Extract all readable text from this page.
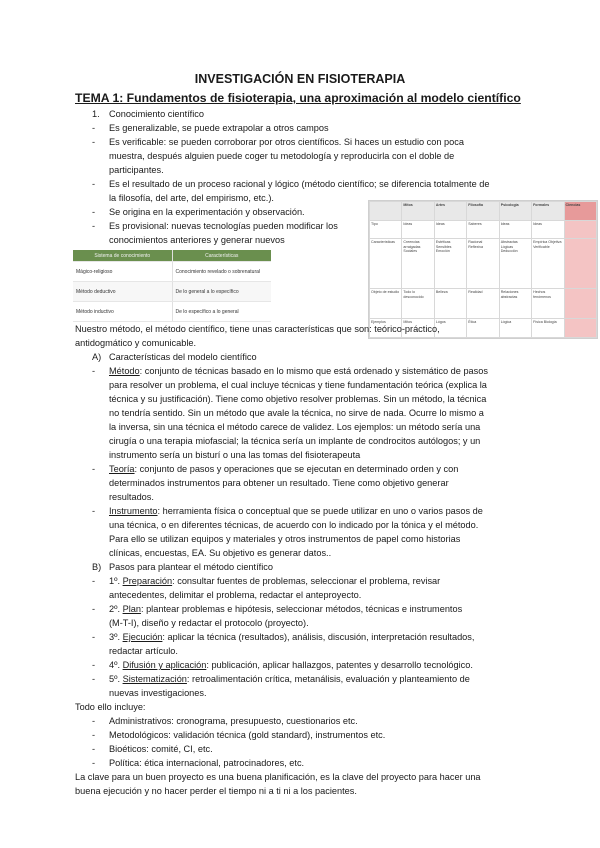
INVESTIGACIÓN EN FISIOTERAPIA
TEMA 1: Fundamentos de fisioterapia, una aproximación al modelo científico
1. Conocimiento científico
- Es generalizable, se puede extrapolar a otros campos
- Es verificable: se pueden corroborar por otros científicos. Si haces un estudio con poca
muestra, después alguien puede coger tu metodología y reproducirla con el doble de
participantes.
- Es el resultado de un proceso racional y lógico (método científico; se diferencia totalmente de
la filosofía, del arte, del empirismo, etc.).
- Se origina en la experimentación y observación.
- Es provisional: nuevas tecnologías pueden modificar los
conocimientos anteriores y generar nuevos
	Mitos	Artes	Filosofía	Psicologia	Formales	Ciencias
Tipo	Ideas	Ideas	Saberes	Ideas	Ideas	
Características	Creencias arraigadas Sociales	Estéticas Sensibles Emoción	Racional Reflexiva	Abstractas Lógicas Deducción	Empírica Objetiva Verificable	
Objeto de estudio	Todo lo desconocido	Belleza	Realidad	Relaciones abstractas	Hechos fenómenos	
Ejemplos	Mitos	Lógos	Ética	Lógica	Física Biología	
Sistema de conocimiento	Características
Mágico-religioso	Conocimiento revelado o sobrenatural
Método deductivo	De lo general a lo específico
Método inductivo	De lo específico a lo general
Nuestro método, el método científico, tiene unas características que son: teórico-práctico,
antidogmático y comunicable.
A) Características del modelo científico
- Método: conjunto de técnicas basado en lo mismo que está ordenado y sistemático de pasos
para resolver un problema, el cual incluye técnicas y tiene fundamentación teórica (explica la
técnica y su justificación). Tiene como objetivo resolver problemas. Sin un método, la técnica
no tendría sentido. Sin un método que avale la técnica, no sirve de nada. Ocurre lo mismo a
la inversa, sin una técnica el método carece de validez. Los ejemplos: un método sería una
cirugía o una terapia miofascial; la técnica sería un implante de condrocitos autólogos; y un
instrumento sería un bisturí o una las tomas del fisioterapeuta
- Teoría: conjunto de pasos y operaciones que se ejecutan en determinado orden y con
determinados instrumentos para obtener un resultado. Tiene como objetivo generar
resultados.
- Instrumento: herramienta física o conceptual que se puede utilizar en uno o varios pasos de
una técnica, o en diferentes técnicas, de acuerdo con lo indicado por la tónica y el método.
Para ello se utilizan equipos y materiales y otros instrumentos de papel como historias
clínicas, encuestas, EA. Su objetivo es generar datos..
B) Pasos para plantear el método científico
- 1º. Preparación: consultar fuentes de problemas, seleccionar el problema, revisar
antecedentes, delimitar el problema, redactar el anteproyecto.
- 2º. Plan: plantear problemas e hipótesis, seleccionar métodos, técnicas e instrumentos
(M-T-I), diseño y redactar el protocolo (proyecto).
- 3º. Ejecución: aplicar la técnica (resultados), análisis, discusión, interpretación resultados,
redactar artículo.
- 4º. Difusión y aplicación: publicación, aplicar hallazgos, patentes y desarrollo tecnológico.
- 5º. Sistematización: retroalimentación crítica, metanálisis, evaluación y planteamiento de
nuevas investigaciones.
Todo ello incluye:
- Administrativos: cronograma, presupuesto, cuestionarios etc.
- Metodológicos: validación técnica (gold standard), instrumentos etc.
- Bioéticos: comité, CI, etc.
- Política: ética internacional, patrocinadores, etc.
La clave para un buen proyecto es una buena planificación, es la clave del proyecto para hacer una
buena ejecución y no hacer perder el tiempo ni a ti ni a los pacientes.
